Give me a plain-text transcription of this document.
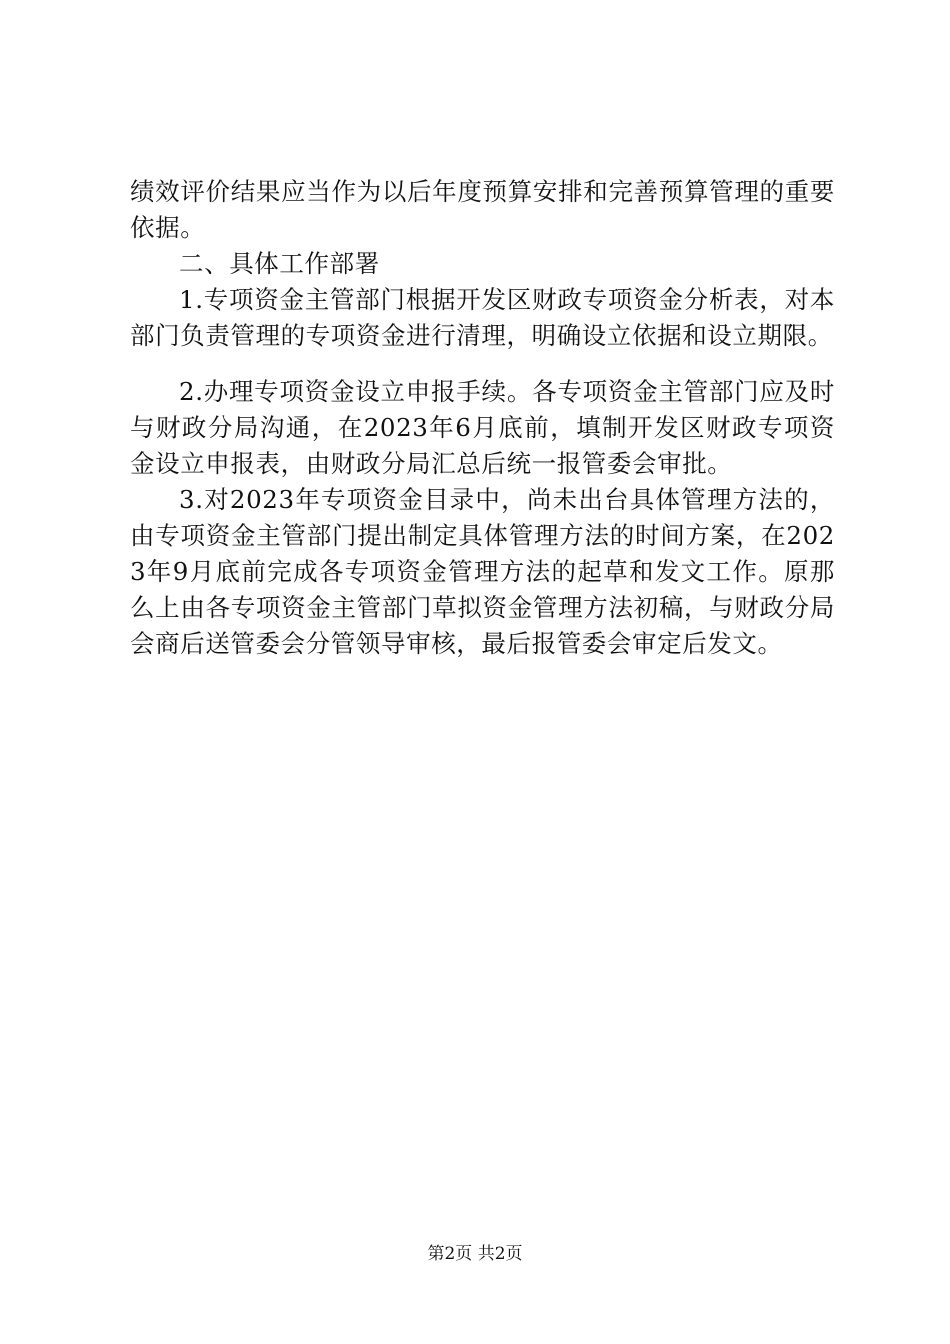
绩效评价结果应当作为以后年度预算安排和完善预算管理的重要依据。

二、具体工作部署

1.专项资金主管部门根据开发区财政专项资金分析表，对本部门负责管理的专项资金进行清理，明确设立依据和设立期限。

2.办理专项资金设立申报手续。各专项资金主管部门应及时与财政分局沟通，在2023年6月底前，填制开发区财政专项资金设立申报表，由财政分局汇总后统一报管委会审批。

3.对2023年专项资金目录中，尚未出台具体管理方法的，由专项资金主管部门提出制定具体管理方法的时间方案，在2023年9月底前完成各专项资金管理方法的起草和发文工作。原那么上由各专项资金主管部门草拟资金管理方法初稿，与财政分局会商后送管委会分管领导审核，最后报管委会审定后发文。

第2页 共2页
